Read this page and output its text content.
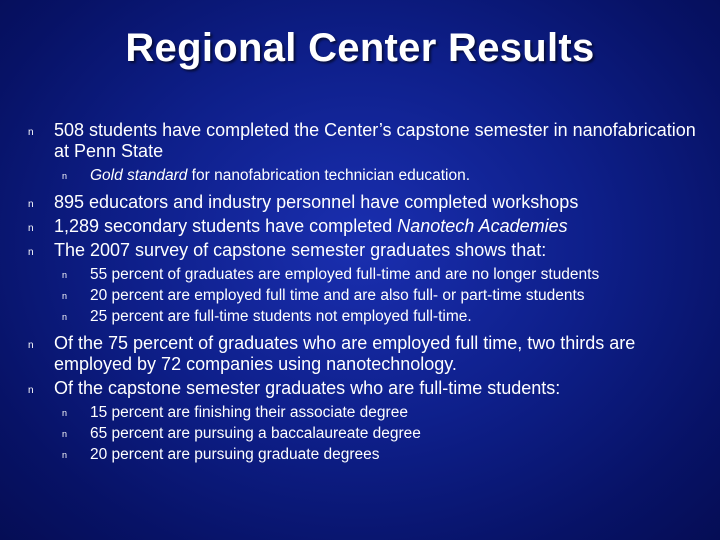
Regional Center Results
n 508 students have completed the Center’s capstone semester in nanofabrication at Penn State
n Gold standard for nanofabrication technician education.
n 895 educators and industry personnel have completed workshops
n 1,289 secondary students have completed Nanotech Academies
n The 2007 survey of capstone semester graduates shows that:
n 55 percent of graduates are employed full-time and are no longer students
n 20 percent are employed full time and are also full- or part-time students
n 25 percent are full-time students not employed full-time.
n Of the 75 percent of graduates who are employed full time, two thirds are employed by 72 companies using nanotechnology.
n Of the capstone semester graduates who are full-time students:
n 15 percent are finishing their associate degree
n 65 percent are pursuing a baccalaureate degree
n 20 percent are pursuing graduate degrees
